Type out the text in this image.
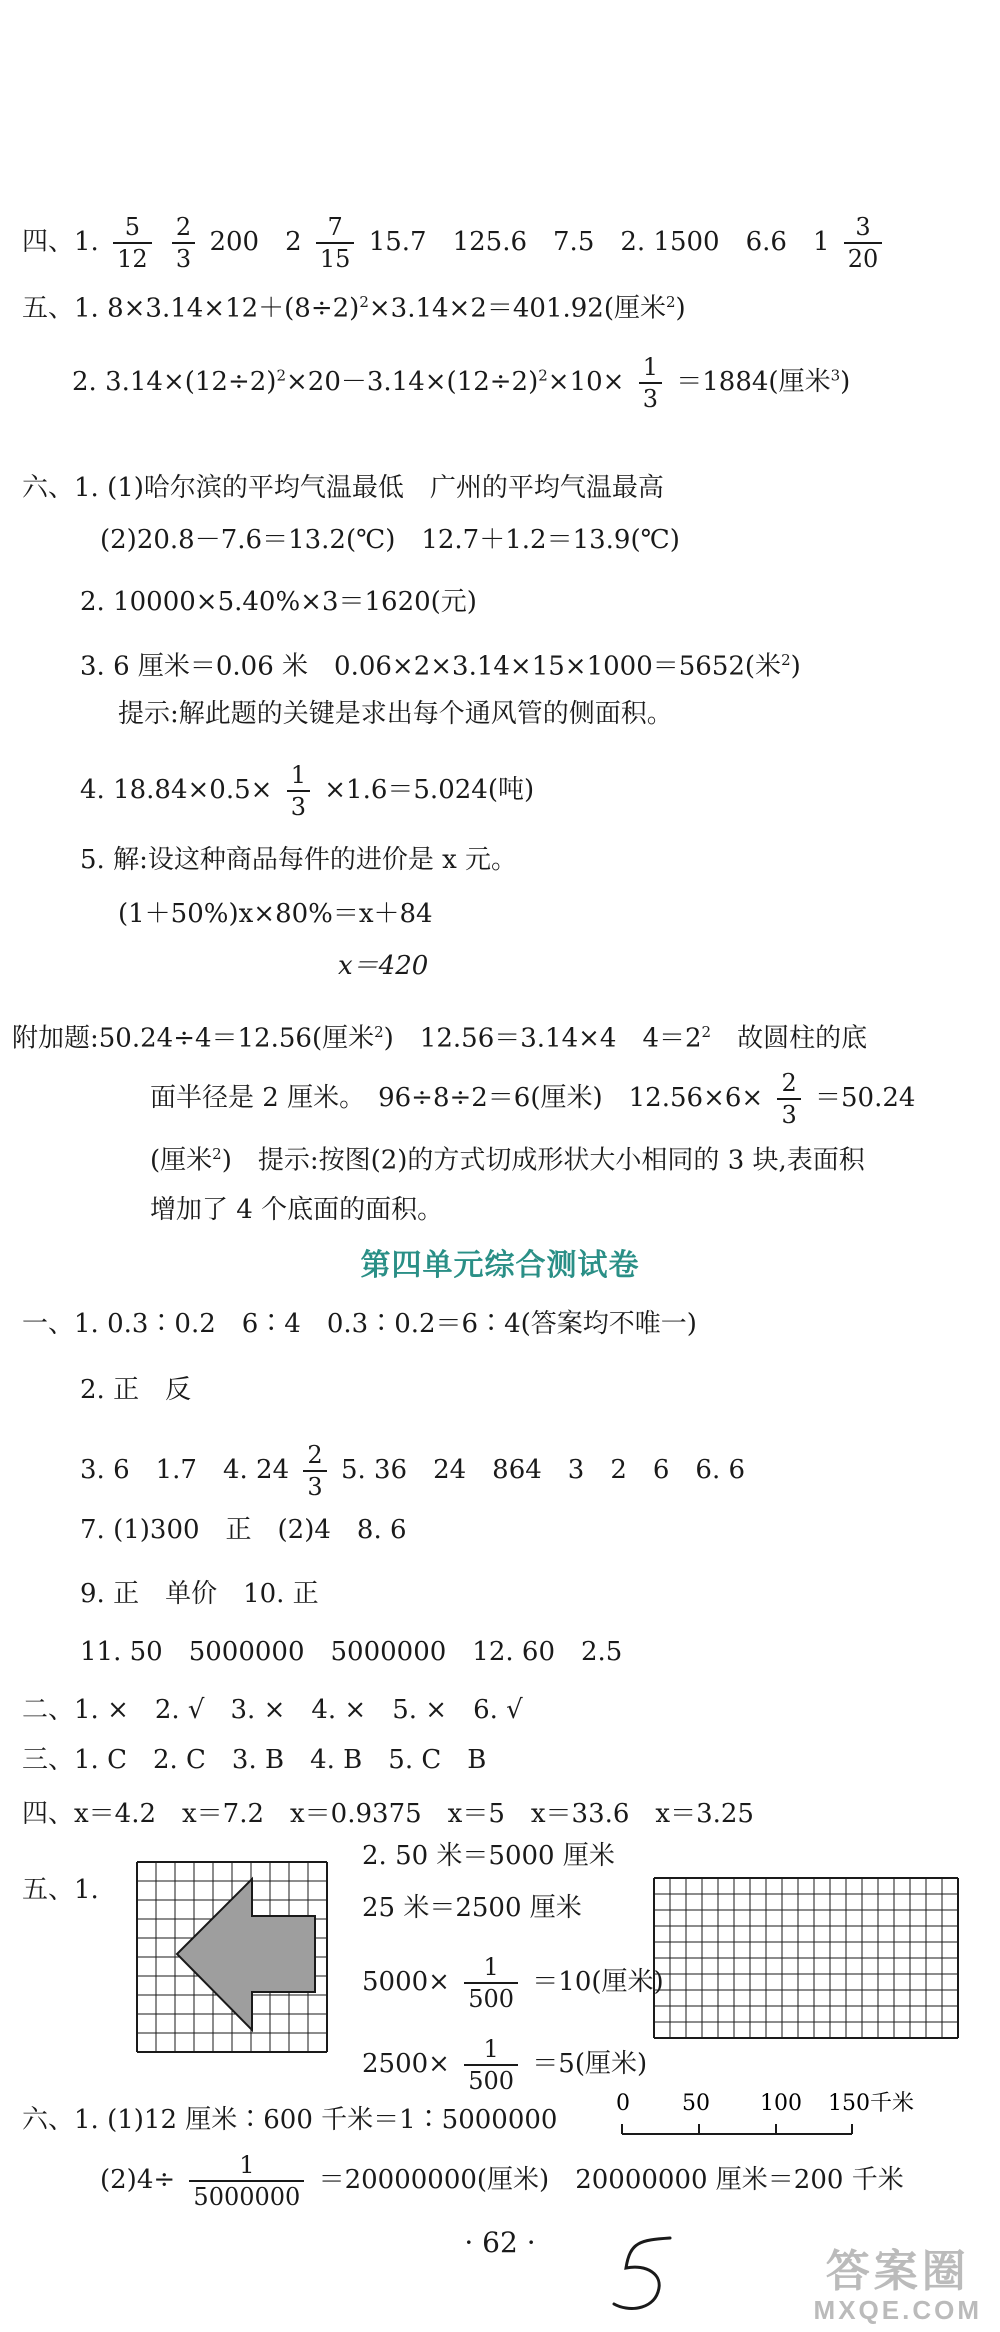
四、1. $\frac{5}{12}$
$\frac{2}{3} 200$　$2 \frac{7}{15} 15.7$　125.6　7.5　2. 1500　6.6　$1 \frac{3}{20}$
五、1. $8\times 3.14\times 12+(8\div 2)^2\times 3.14\times 2=401.92$(厘米$^2$)
2. $3.14\times(12\div 2)^2\times 20-3.14\times(12\div 2)^2\times 10\times \frac{1}{3} =1884$(厘米$^3$)
六、1. (1)哈尔滨的平均气温最低　广州的平均气温最高
(2)20.8－7.6＝13.2(℃)　12.7＋1.2＝13.9(℃)
2. 10000×5.40%×3＝1620(元)
3. 6 厘米＝0.06 米　0.06×2×3.14×15×1000＝5652(米$^2$)
提示:解此题的关键是求出每个通风管的侧面积。
4. $18.84\times 0.5\times \frac{1}{3} \times 1.6=5.024$(吨)
5. 解:设这种商品每件的进价是 x 元。
(1＋50%)x×80%＝x＋84
x＝420
附加题:50.24÷4＝12.56(厘米$^2$)　12.56＝3.14×4　$4=2^2$　故圆柱的底
面半径是 2 厘米。　96÷8÷2＝6(厘米)　$12.56\times 6\times \frac{2}{3} =50.24$
(厘米$^2$)　提示:按图(2)的方式切成形状大小相同的 3 块,表面积
增加了 4 个底面的面积。
第四单元综合测试卷
一、1. 0.3∶0.2　6∶4　0.3∶0.2＝6∶4(答案均不唯一)
2. 正　反
3. 6　1.7　4. $24 \frac{2}{3} 5$. 36　24　864　3　2　6　6. 6
7. (1)300　正　(2)4　8. 6
9. 正　单价　10. 正
11. 50　5000000　5000000　12. 60　2.5
二、1. ×　2. √　3. ×　4. ×　5. ×　6. √
三、1. C　2. C　3. B　4. B　5. C　B
四、x＝4.2　x＝7.2　x＝0.9375　x＝5　x＝33.6　x＝3.25
五、1.
2. 50 米＝5000 厘米
25 米＝2500 厘米
$5000\times \frac{1}{500} =10$(厘米)
$2500\times \frac{1}{500} =5$(厘米)
六、1. (1)12 厘米∶600 千米＝1∶5000000
0 50 100 150千米
$(2)4\div \frac{1}{5000000} =20000000$(厘米)　20000000 厘米＝200 千米
· 62 ·
答案圈
MXQE.COM
